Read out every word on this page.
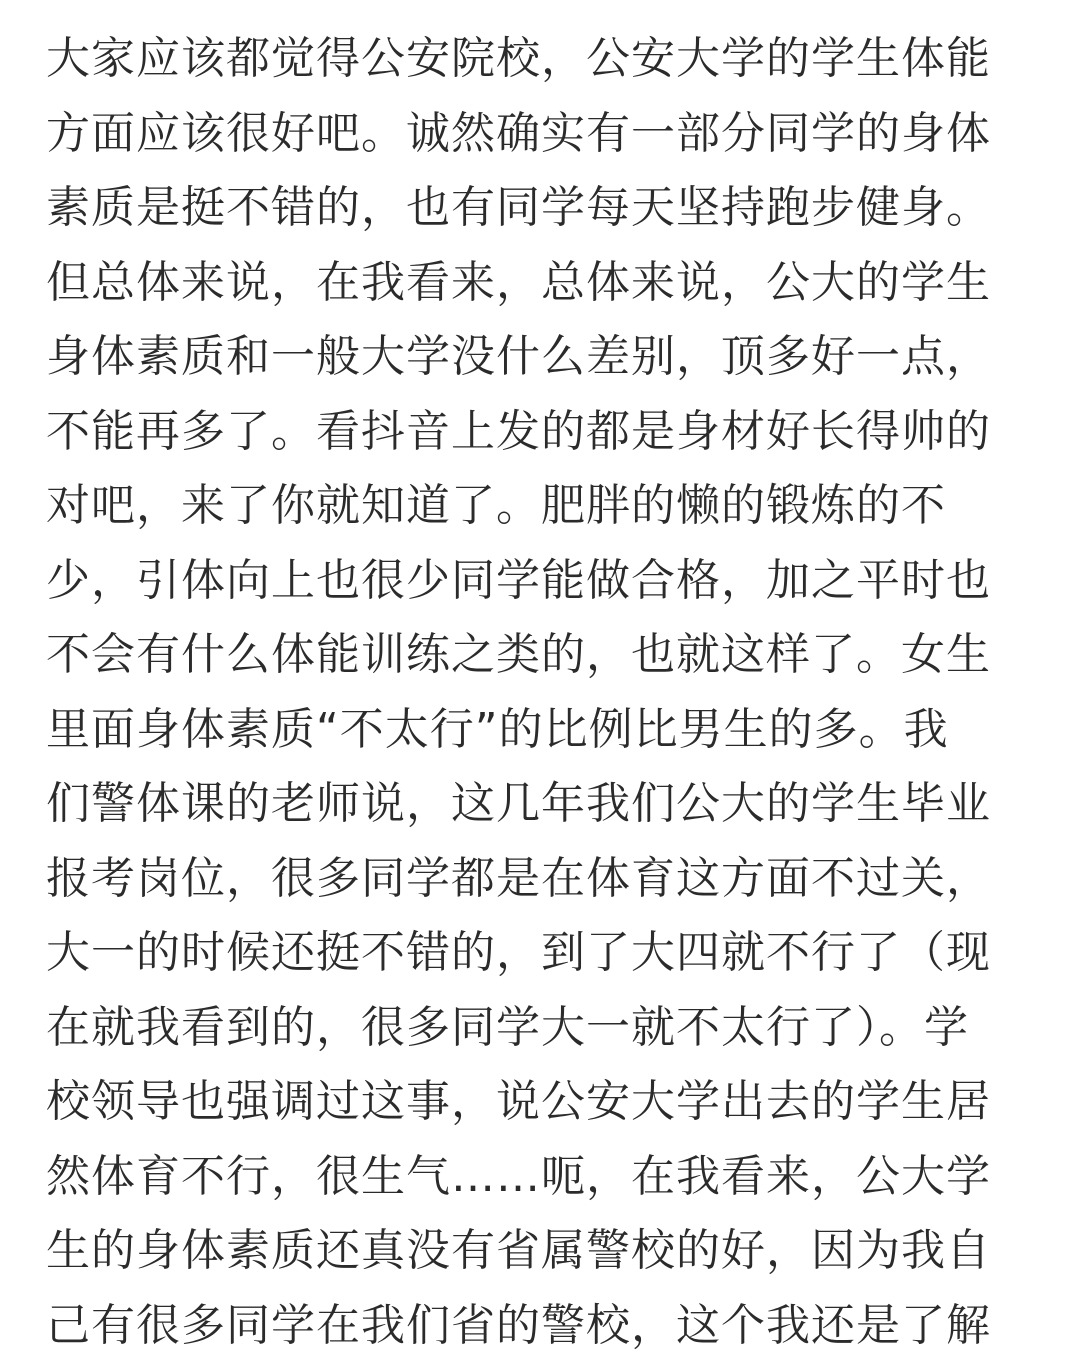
大家应该都觉得公安院校，公安大学的学生体能
方面应该很好吧。诚然确实有一部分同学的身体
素质是挺不错的，也有同学每天坚持跑步健身。
但总体来说，在我看来，总体来说，公大的学生
身体素质和一般大学没什么差别，顶多好一点，
不能再多了。看抖音上发的都是身材好长得帅的
对吧，来了你就知道了。肥胖的懒的锻炼的不
少，引体向上也很少同学能做合格，加之平时也
不会有什么体能训练之类的，也就这样了。女生
里面身体素质“不太行”的比例比男生的多。我
们警体课的老师说，这几年我们公大的学生毕业
报考岗位，很多同学都是在体育这方面不过关，
大一的时候还挺不错的，到了大四就不行了（现
在就我看到的，很多同学大一就不太行了）。学
校领导也强调过这事，说公安大学出去的学生居
然体育不行，很生气……呃，在我看来，公大学
生的身体素质还真没有省属警校的好，因为我自
己有很多同学在我们省的警校，这个我还是了解
